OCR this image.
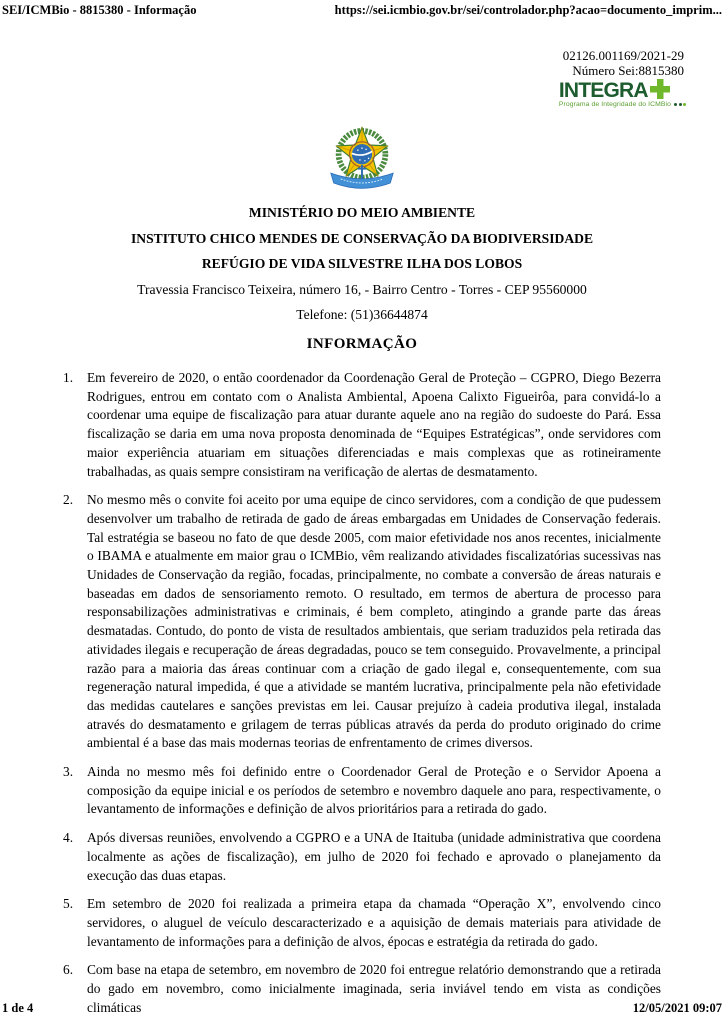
SEI/ICMBio - 8815380 - Informação	https://sei.icmbio.gov.br/sei/controlador.php?acao=documento_imprim...
02126.001169/2021-29
Número Sei:8815380
INTEGRA
Programa de Integridade do ICMBio
MINISTÉRIO DO MEIO AMBIENTE
INSTITUTO CHICO MENDES DE CONSERVAÇÃO DA BIODIVERSIDADE
REFÚGIO DE VIDA SILVESTRE ILHA DOS LOBOS
Travessia Francisco Teixeira, número 16, - Bairro Centro - Torres - CEP 95560000
Telefone: (51)36644874
INFORMAÇÃO
1.	Em fevereiro de 2020, o então coordenador da Coordenação Geral de Proteção – CGPRO, Diego Bezerra Rodrigues, entrou em contato com o Analista Ambiental, Apoena Calixto Figueirôa, para convidá-lo a coordenar uma equipe de fiscalização para atuar durante aquele ano na região do sudoeste do Pará. Essa fiscalização se daria em uma nova proposta denominada de “Equipes Estratégicas”, onde servidores com maior experiência atuariam em situações diferenciadas e mais complexas que as rotineiramente trabalhadas, as quais sempre consistiram na verificação de alertas de desmatamento.
2.	No mesmo mês o convite foi aceito por uma equipe de cinco servidores, com a condição de que pudessem desenvolver um trabalho de retirada de gado de áreas embargadas em Unidades de Conservação federais. Tal estratégia se baseou no fato de que desde 2005, com maior efetividade nos anos recentes, inicialmente o IBAMA e atualmente em maior grau o ICMBio, vêm realizando atividades fiscalizatórias sucessivas nas Unidades de Conservação da região, focadas, principalmente, no combate a conversão de áreas naturais e baseadas em dados de sensoriamento remoto. O resultado, em termos de abertura de processo para responsabilizações administrativas e criminais, é bem completo, atingindo a grande parte das áreas desmatadas. Contudo, do ponto de vista de resultados ambientais, que seriam traduzidos pela retirada das atividades ilegais e recuperação de áreas degradadas, pouco se tem conseguido. Provavelmente, a principal razão para a maioria das áreas continuar com a criação de gado ilegal e, consequentemente, com sua regeneração natural impedida, é que a atividade se mantém lucrativa, principalmente pela não efetividade das medidas cautelares e sanções previstas em lei. Causar prejuízo à cadeia produtiva ilegal, instalada através do desmatamento e grilagem de terras públicas através da perda do produto originado do crime ambiental é a base das mais modernas teorias de enfrentamento de crimes diversos.
3.	Ainda no mesmo mês foi definido entre o Coordenador Geral de Proteção e o Servidor Apoena a composição da equipe inicial e os períodos de setembro e novembro daquele ano para, respectivamente, o levantamento de informações e definição de alvos prioritários para a retirada do gado.
4.	Após diversas reuniões, envolvendo a CGPRO e a UNA de Itaituba (unidade administrativa que coordena localmente as ações de fiscalização), em julho de 2020 foi fechado e aprovado o planejamento da execução das duas etapas.
5.	Em setembro de 2020 foi realizada a primeira etapa da chamada “Operação X”, envolvendo cinco servidores, o aluguel de veículo descaracterizado e a aquisição de demais materiais para atividade de levantamento de informações para a definição de alvos, épocas e estratégia da retirada do gado.
6.	Com base na etapa de setembro, em novembro de 2020 foi entregue relatório demonstrando que a retirada do gado em novembro, como inicialmente imaginada, seria inviável tendo em vista as condições climáticas
1 de 4	12/05/2021 09:07
